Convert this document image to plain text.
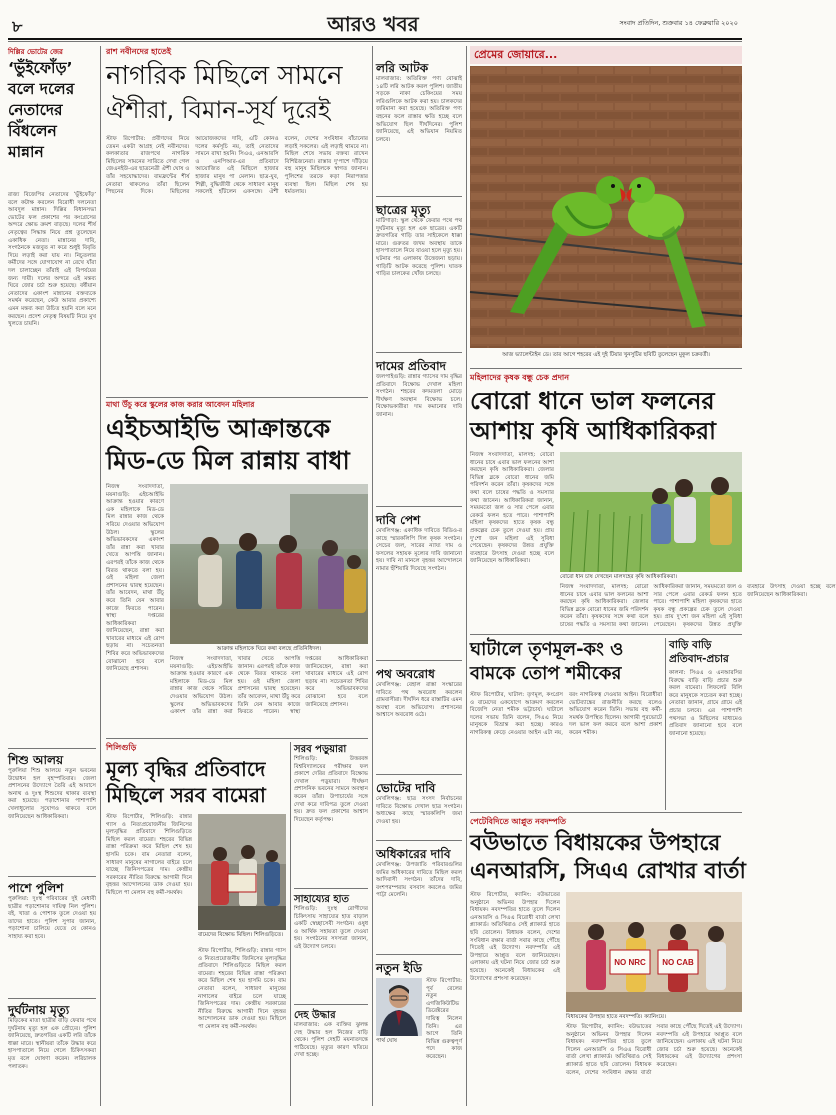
৮	আরও খবর	সংবাদ প্রতিদিন, শুক্রবার ১৪ ফেব্রুয়ারি ২০২০
দিল্লির ভোটের জের
‘ভুঁইফোঁড়’ বলে দলের নেতাদের বিঁধলেন মান্নান
রাজ্য বিজেপির নেতাদের ‘ভুঁইফোঁড়’ বলে কটাক্ষ করলেন বিরোধী দলনেতা আবদুল মান্নান। দিল্লির বিধানসভা ভোটের ফল প্রকাশের পর কংগ্রেসের অন্দরে ক্ষোভ ক্রমশ বাড়ছে। দলের শীর্ষ নেতৃত্বের সিদ্ধান্ত নিয়ে প্রশ্ন তুলেছেন একাধিক নেতা। মান্নানের দাবি, সংগঠনকে মজবুত না করে শুধুই বিবৃতি দিয়ে লড়াই করা যায় না। নিচুতলার কর্মীদের সঙ্গে যোগাযোগ না রেখে যাঁরা দল চালাচ্ছেন তাঁরাই এই বিপর্যয়ের জন্য দায়ী। দলের অন্দরে এই মন্তব্য ঘিরে জোর চর্চা শুরু হয়েছে। বর্ষীয়ান নেতাদের একাংশ মান্নানের বক্তব্যকে সমর্থন করেছেন, কেউ আবার প্রকাশ্যে এমন মন্তব্য করা উচিত হয়নি বলে মনে করছেন। প্রদেশ নেতৃত্ব বিষয়টি নিয়ে মুখ খুলতে চায়নি।
শিশু আলয়
পুরুলিয়া শিশু আলয়ে নতুন ভবনের উদ্বোধন হল বৃহস্পতিবার। জেলা প্রশাসনের উদ্যোগে তৈরি এই আবাসে অনাথ ও দুঃস্থ শিশুদের থাকার ব্যবস্থা করা হয়েছে। পড়াশোনার পাশাপাশি খেলাধুলোর সুযোগও থাকবে বলে জানিয়েছেন আধিকারিকরা।
পাশে পুলিশ
পুরুলিয়া: দুঃস্থ পরিবারের দুই মেধাবী ছাত্রীর পড়াশোনার দায়িত্ব নিল পুলিশ। বই, খাতা ও পোশাক তুলে দেওয়া হয় তাদের হাতে। পুলিশ সুপার জানান, পড়াশোনা চালিয়ে যেতে যে কোনও সাহায্য করা হবে।
দুর্ঘটনায় মৃত্যু
মিড়িকের মাতা ছাত্রীর বাড়ি ফেরার পথে দুর্ঘটনায় মৃত্যু হল এক প্রৌঢ়ের। পুলিশ জানিয়েছে, দ্রুতগতির একটি লরি তাঁকে ধাক্কা মারে। স্থানীয়রা তাঁকে উদ্ধার করে হাসপাতালে নিয়ে গেলে চিকিৎসকরা মৃত বলে ঘোষণা করেন। লরিচালক পলাতক।
রাশ নবীনদের হাতেই
নাগরিক মিছিলে সামনে
ঐশীরা, বিমান-সূর্য দূরেই
স্টাফ রিপোর্টার: প্রবীণদের নিয়ে তেমন একটা আগ্রহ নেই নবীনদের। কলকাতার রাজপথে নাগরিক মিছিলের সামনের সারিতে দেখা গেল জেএনইউ-এর ছাত্রনেত্রী ঐশী ঘোষ ও তাঁর সহযোদ্ধাদের। বামফ্রন্টের শীর্ষ নেতারা থাকলেও তাঁরা ছিলেন পিছনের দিকে। মিছিলের আয়োজকদের দাবি, এটি কোনও দলের কর্মসূচি নয়, তাই নেতাদের সামনে রাখা হয়নি। সিএএ, এনআরসি ও এনপিআর-এর প্রতিবাদে আয়োজিত এই মিছিলে হাজার হাজার মানুষ পা মেলান। ছাত্র-যুব, শিল্পী, বুদ্ধিজীবী থেকে সাধারণ মানুষ সকলেই হাঁটলেন একসঙ্গে। ঐশী বলেন, দেশের সংবিধান বাঁচানোর লড়াই সকলের। এই লড়াই থামবে না। মিছিল শেষে সভায় বক্তব্য রাখেন বিশিষ্টজনেরা। রাস্তার দু'পাশে দাঁড়িয়ে বহু মানুষ মিছিলকে স্বাগত জানান। পুলিশের তরফে কড়া নিরাপত্তার ব্যবস্থা ছিল। মিছিল শেষ হয় ধর্মতলায়।
মাথা উঁচু করে স্কুলের কাজ করার আবেদন মহিলার
এইচআইভি আক্রান্তকে
মিড-ডে মিল রান্নায় বাধা
নিজস্ব সংবাদদাতা, ময়নাগুড়ি: এইচআইভি আক্রান্ত হওয়ার কারণে এক মহিলাকে মিড-ডে মিল রান্নার কাজ থেকে সরিয়ে দেওয়ার অভিযোগ উঠল। স্কুলের অভিভাবকদের একাংশ তাঁর রান্না করা খাবার খেতে আপত্তি জানান। এরপরই তাঁকে কাজ থেকে বিরত থাকতে বলা হয়। ওই মহিলা জেলা প্রশাসনের দ্বারস্থ হয়েছেন। তাঁর আবেদন, মাথা উঁচু করে তিনি যেন আবার কাজে ফিরতে পারেন। স্বাস্থ্য দপ্তরের আধিকারিকরা জানিয়েছেন, রান্না করা খাবারের মাধ্যমে এই রোগ ছড়ায় না। সচেতনতা শিবির করে অভিভাবকদের বোঝানো হবে বলে জানিয়েছে প্রশাসন।
আক্রান্ত মহিলাকে ঘিরে কথা বলছে প্রতিনিধিদল।
নিজস্ব সংবাদদাতা, ময়নাগুড়ি: এইচআইভি আক্রান্ত হওয়ার কারণে এক মহিলাকে মিড-ডে মিল রান্নার কাজ থেকে সরিয়ে দেওয়ার অভিযোগ উঠল। স্কুলের অভিভাবকদের একাংশ তাঁর রান্না করা খাবার খেতে আপত্তি জানান। এরপরই তাঁকে কাজ থেকে বিরত থাকতে বলা হয়। ওই মহিলা জেলা প্রশাসনের দ্বারস্থ হয়েছেন। তাঁর আবেদন, মাথা উঁচু করে তিনি যেন আবার কাজে ফিরতে পারেন। স্বাস্থ্য দপ্তরের আধিকারিকরা জানিয়েছেন, রান্না করা খাবারের মাধ্যমে এই রোগ ছড়ায় না। সচেতনতা শিবির করে অভিভাবকদের বোঝানো হবে বলে জানিয়েছে প্রশাসন।
শিলিগুড়ি
মূল্য বৃদ্ধির প্রতিবাদে
মিছিলে সরব বামেরা
স্টাফ রিপোর্টার, শিলিগুড়ি: রান্নার গ্যাস ও নিত্যপ্রয়োজনীয় জিনিসের মূল্যবৃদ্ধির প্রতিবাদে শিলিগুড়িতে মিছিল করল বামেরা। শহরের বিভিন্ন রাস্তা পরিক্রমা করে মিছিল শেষ হয় হাসমি চকে। বাম নেতারা বলেন, সাধারণ মানুষের নাগালের বাইরে চলে যাচ্ছে জিনিসপত্রের দাম। কেন্দ্রীয় সরকারের নীতির বিরুদ্ধে আগামী দিনে বৃহত্তর আন্দোলনের ডাক দেওয়া হয়। মিছিলে পা মেলান বহু কর্মী-সমর্থক।
বামেদের বিক্ষোভ মিছিল। শিলিগুড়িতে।
স্টাফ রিপোর্টার, শিলিগুড়ি: রান্নার গ্যাস ও নিত্যপ্রয়োজনীয় জিনিসের মূল্যবৃদ্ধির প্রতিবাদে শিলিগুড়িতে মিছিল করল বামেরা। শহরের বিভিন্ন রাস্তা পরিক্রমা করে মিছিল শেষ হয় হাসমি চকে। বাম নেতারা বলেন, সাধারণ মানুষের নাগালের বাইরে চলে যাচ্ছে জিনিসপত্রের দাম। কেন্দ্রীয় সরকারের নীতির বিরুদ্ধে আগামী দিনে বৃহত্তর আন্দোলনের ডাক দেওয়া হয়। মিছিলে পা মেলান বহু কর্মী-সমর্থক।
সরব পড়ুয়ারা
শিলিগুড়ি: উত্তরবঙ্গ বিশ্ববিদ্যালয়ের পরীক্ষার ফল প্রকাশে দেরির প্রতিবাদে বিক্ষোভ দেখাল পড়ুয়ারা। দীর্ঘক্ষণ প্রশাসনিক ভবনের সামনে অবস্থান করেন তাঁরা। উপাচার্যের সঙ্গে দেখা করে দাবিপত্র তুলে দেওয়া হয়। দ্রুত ফল প্রকাশের আশ্বাস দিয়েছেন কর্তৃপক্ষ।
সাহায্যের হাত
শিলিগুড়ি: দুঃস্থ রোগীদের চিকিৎসায় সাহায্যের হাত বাড়াল একটি স্বেচ্ছাসেবী সংগঠন। ওষুধ ও আর্থিক সহায়তা তুলে দেওয়া হয়। সংগঠনের সদস্যরা জানান, এই উদ্যোগ চলবে।
দেহ উদ্ধার
মালবাজার: এক ব্যক্তির ঝুলন্ত দেহ উদ্ধার হল নিজের বাড়ি থেকে। পুলিশ দেহটি ময়নাতদন্তে পাঠিয়েছে। মৃত্যুর কারণ খতিয়ে দেখা হচ্ছে।
লরি আটক
মালবাজার: অতিরিক্ত পণ্য বোঝাই ১৪টি লরি আটক করল পুলিশ। জাতীয় সড়কে নাকা চেকিংয়ের সময় লরিগুলিকে আটক করা হয়। চালকদের জরিমানা করা হয়েছে। অতিরিক্ত পণ্য বহনের ফলে রাস্তার ক্ষতি হচ্ছে বলে অভিযোগ ছিল দীর্ঘদিনের। পুলিশ জানিয়েছে, এই অভিযান নিয়মিত চলবে।
ছাত্রের মৃত্যু
মাটিগাড়া: স্কুল থেকে ফেরার পথে পথ দুর্ঘটনায় মৃত্যু হল এক ছাত্রের। একটি দ্রুতগতির গাড়ি তার সাইকেলে ধাক্কা মারে। গুরুতর জখম অবস্থায় তাকে হাসপাতালে নিয়ে যাওয়া হলে মৃত্যু হয়। ঘটনার পর এলাকায় উত্তেজনা ছড়ায়। গাড়িটি আটক করেছে পুলিশ। ঘাতক গাড়ির চালকের খোঁজ চলছে।
দামের প্রতিবাদ
জলপাইগুড়ি: রান্নার গ্যাসের দাম বৃদ্ধির প্রতিবাদে বিক্ষোভ দেখাল মহিলা সংগঠন। শহরের কদমতলা মোড়ে দীর্ঘক্ষণ অবস্থান বিক্ষোভ চলে। বিক্ষোভকারীরা দাম কমানোর দাবি জানান।
দাবি পেশ
মেখলিগঞ্জ: একাধিক দাবিতে বিডিও-র কাছে স্মারকলিপি দিল কৃষক সংগঠন। সেচের জল, সারের ন্যায্য দাম ও ফসলের সহায়ক মূল্যের দাবি জানানো হয়। দাবি না মানলে বৃহত্তর আন্দোলনে নামার হুঁশিয়ারি দিয়েছে সংগঠন।
পথ অবরোধ
মেখলিগঞ্জ: বেহাল রাস্তা সংস্কারের দাবিতে পথ অবরোধ করলেন গ্রামবাসীরা। দীর্ঘদিন ধরে রাস্তাটির এমন অবস্থা বলে অভিযোগ। প্রশাসনের আশ্বাসে অবরোধ ওঠে।
ভোটের দাবি
মেখলিগঞ্জ: ছাত্র সংসদ নির্বাচনের দাবিতে বিক্ষোভ দেখাল ছাত্র সংগঠন। অধ্যক্ষের কাছে স্মারকলিপি জমা দেওয়া হয়।
অধিকারের দাবি
মেখলিগঞ্জ: উপজাতি পরিবারগুলির জমির অধিকারের দাবিতে মিছিল করল আদিবাসী সংগঠন। তাঁদের দাবি, বংশপরম্পরায় বসবাস করলেও জমির পাট্টা মেলেনি।
নতুন ইডি
পার্থ ঘোষ
স্টাফ রিপোর্টার: পূর্ব রেলের নতুন এগজিকিউটিভ ডিরেক্টরের দায়িত্ব নিলেন তিনি। এর আগে তিনি বিভিন্ন গুরুত্বপূর্ণ পদে কাজ করেছেন।
প্রেমের জোয়ারে...
আজ ভ্যালেন্টাইন ডে। তার আগে শহরের এই দুই টিয়ার খুনসুটির ছবিটি তুলেছেন মুকুল চক্রবর্তী।
মহিলাদের কৃষক বন্ধু চেক প্রদান
বোরো ধানে ভাল ফলনের
আশায় কৃষি আধিকারিকরা
নিজস্ব সংবাদদাতা, মালদহ: বোরো ধানের চাষে এবার ভাল ফলনের আশা করছেন কৃষি আধিকারিকরা। জেলার বিভিন্ন ব্লকে বোরো ধানের জমি পরিদর্শন করেন তাঁরা। কৃষকদের সঙ্গে কথা বলে চাষের পদ্ধতি ও সমস্যার কথা জানেন। আধিকারিকরা জানান, সময়মতো জল ও সার পেলে এবার রেকর্ড ফলন হতে পারে। পাশাপাশি মহিলা কৃষকদের হাতে কৃষক বন্ধু প্রকল্পের চেক তুলে দেওয়া হয়। প্রায় দু'শো জন মহিলা এই সুবিধা পেয়েছেন। কৃষকদের উন্নত প্রযুক্তি ব্যবহারে উৎসাহ দেওয়া হচ্ছে বলে জানিয়েছেন আধিকারিকরা।
বোরো ধান চাষ দেখছেন মালদহের কৃষি আধিকারিকরা।
নিজস্ব সংবাদদাতা, মালদহ: বোরো ধানের চাষে এবার ভাল ফলনের আশা করছেন কৃষি আধিকারিকরা। জেলার বিভিন্ন ব্লকে বোরো ধানের জমি পরিদর্শন করেন তাঁরা। কৃষকদের সঙ্গে কথা বলে চাষের পদ্ধতি ও সমস্যার কথা জানেন। আধিকারিকরা জানান, সময়মতো জল ও সার পেলে এবার রেকর্ড ফলন হতে পারে। পাশাপাশি মহিলা কৃষকদের হাতে কৃষক বন্ধু প্রকল্পের চেক তুলে দেওয়া হয়। প্রায় দু'শো জন মহিলা এই সুবিধা পেয়েছেন। কৃষকদের উন্নত প্রযুক্তি ব্যবহারে উৎসাহ দেওয়া হচ্ছে বলে জানিয়েছেন আধিকারিকরা।
ঘাটালে তৃণমূল-কং ও
বামকে তোপ শমীকের
স্টাফ রিপোর্টার, ঘাটাল: তৃণমূল, কংগ্রেস ও বামেদের একযোগে আক্রমণ করলেন বিজেপি নেতা শমীক ভট্টাচার্য। ঘাটালে দলের সভায় তিনি বলেন, সিএএ নিয়ে মানুষকে বিভ্রান্ত করা হচ্ছে। কারও নাগরিকত্ব কেড়ে নেওয়ার আইন এটা নয়, বরং নাগরিকত্ব দেওয়ার আইন। বিরোধীরা ভোটব্যাঙ্কের রাজনীতি করছে বলেও অভিযোগ করেন তিনি। সভায় বহু কর্মী-সমর্থক উপস্থিত ছিলেন। আগামী পুরভোটে দল ভাল ফল করবে বলে আশা প্রকাশ করেন শমীক।
বাড়ি বাড়ি প্রতিবাদ-প্রচার
কালনা: সিএএ ও এনআরসির বিরুদ্ধে বাড়ি বাড়ি প্রচার শুরু করল বামেরা। লিফলেট বিলি করে মানুষকে সচেতন করা হচ্ছে। নেতারা জানান, গ্রামে গ্রামে এই প্রচার চলবে। এর পাশাপাশি পথসভা ও মিছিলের মাধ্যমেও প্রতিবাদ জানানো হবে বলে জানানো হয়েছে।
পেটেবিদিতে আপ্লুত নবদম্পতি
বউভাতে বিধায়কের উপহারে
এনআরসি, সিএএ রোখার বার্তা
স্টাফ রিপোর্টার, ক্যানিং: বউভাতের অনুষ্ঠানে অভিনব উপহার দিলেন বিধায়ক। নবদম্পতির হাতে তুলে দিলেন এনআরসি ও সিএএ বিরোধী বার্তা লেখা প্ল্যাকার্ড। অতিথিরাও সেই প্ল্যাকার্ড হাতে ছবি তোলেন। বিধায়ক বলেন, দেশের সংবিধান রক্ষার বার্তা সবার কাছে পৌঁছে দিতেই এই উদ্যোগ। নবদম্পতি এই উপহারে আপ্লুত বলে জানিয়েছেন। এলাকায় এই ঘটনা নিয়ে জোর চর্চা শুরু হয়েছে। অনেকেই বিধায়কের এই উদ্যোগের প্রশংসা করেছেন।
NO NRC NO CAB
বিধায়কের উপহার হাতে নবদম্পতি। ক্যানিংয়ে।
স্টাফ রিপোর্টার, ক্যানিং: বউভাতের অনুষ্ঠানে অভিনব উপহার দিলেন বিধায়ক। নবদম্পতির হাতে তুলে দিলেন এনআরসি ও সিএএ বিরোধী বার্তা লেখা প্ল্যাকার্ড। অতিথিরাও সেই প্ল্যাকার্ড হাতে ছবি তোলেন। বিধায়ক বলেন, দেশের সংবিধান রক্ষার বার্তা সবার কাছে পৌঁছে দিতেই এই উদ্যোগ। নবদম্পতি এই উপহারে আপ্লুত বলে জানিয়েছেন। এলাকায় এই ঘটনা নিয়ে জোর চর্চা শুরু হয়েছে। অনেকেই বিধায়কের এই উদ্যোগের প্রশংসা করেছেন।
